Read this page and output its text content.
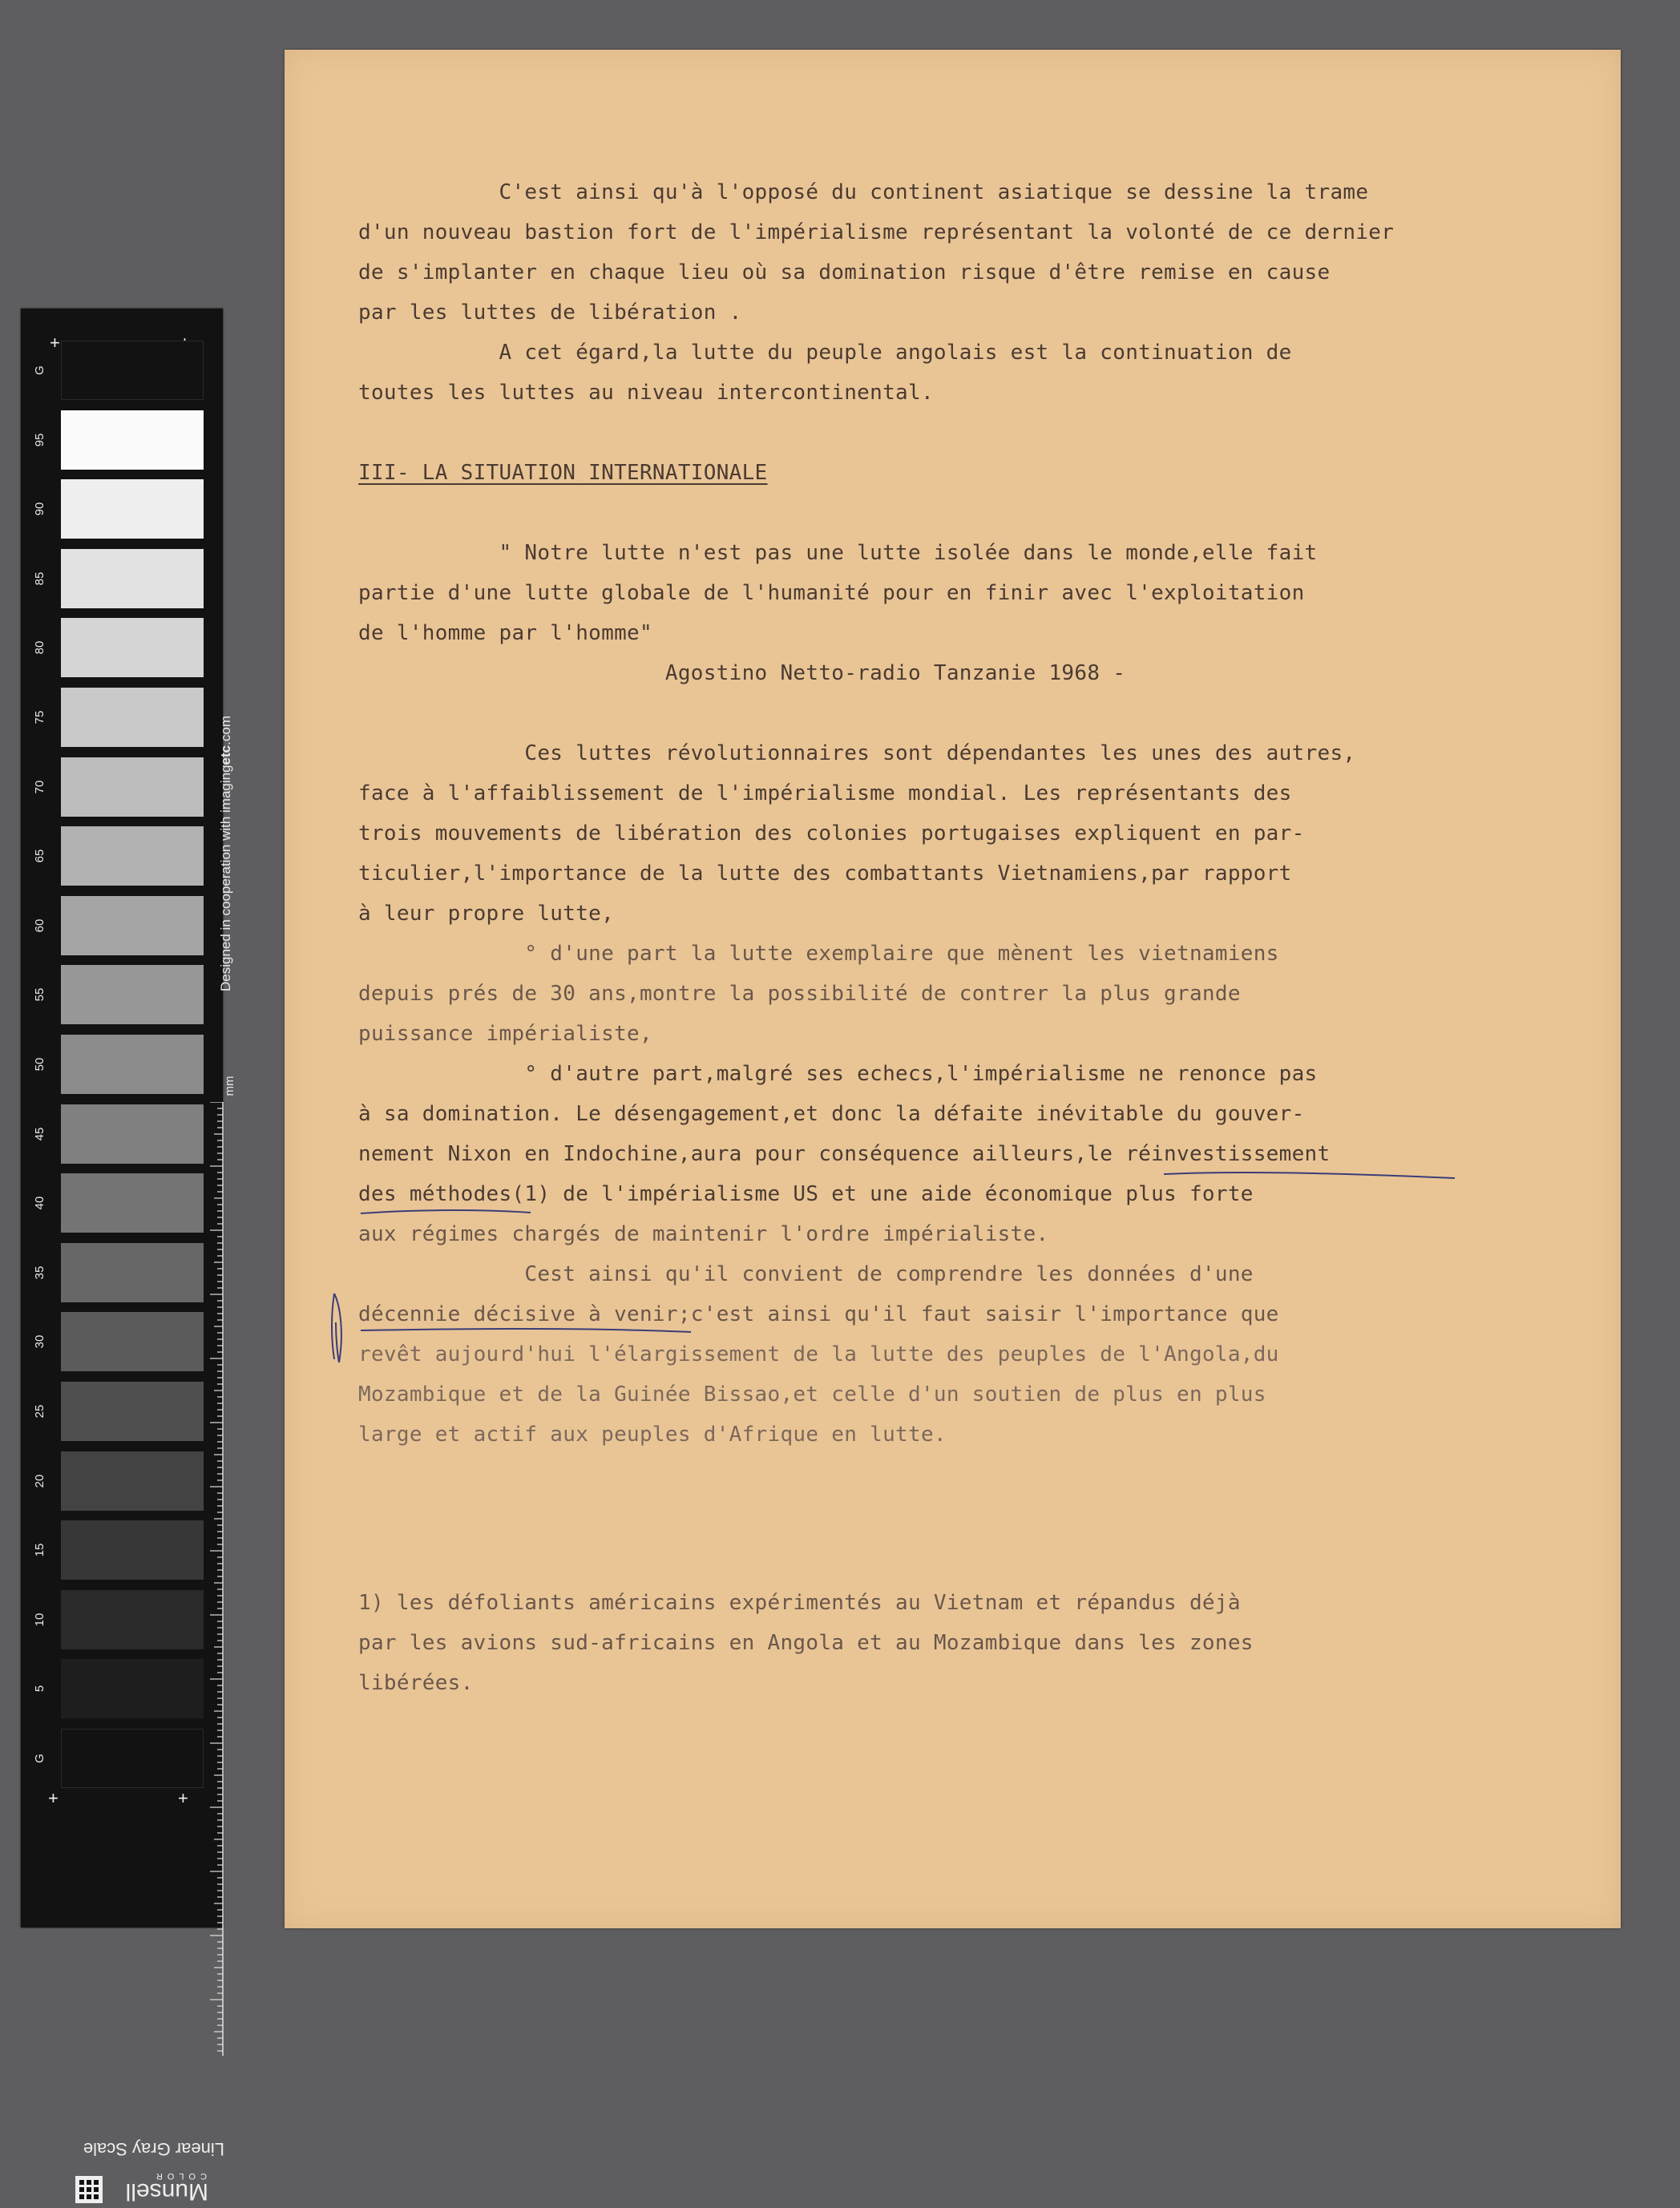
+
+	+
G
95
90
85
80
75
70
65
60
55
50
45
40
35
30
25
20
15
10
5
G
Designed in cooperation with imagingetc.com
mm
Linear Gray Scale
Munsell
COLOR

C'est ainsi qu'à l'opposé du continent asiatique se dessine la trame

d'un nouveau bastion fort de l'impérialisme représentant la volonté de ce dernier

de s'implanter en chaque lieu où sa domination risque d'être remise en cause

par les luttes de libération .

A cet égard,la lutte du peuple angolais est la continuation de

toutes les luttes au niveau intercontinental.

III- LA SITUATION INTERNATIONALE

" Notre lutte n'est pas une lutte isolée dans le monde,elle fait

partie d'une lutte globale de l'humanité pour en finir avec l'exploitation

de l'homme par l'homme"

Agostino Netto-radio Tanzanie 1968 -

Ces luttes révolutionnaires sont dépendantes les unes des autres,

face à l'affaiblissement de l'impérialisme mondial. Les représentants des

trois mouvements de libération des colonies portugaises expliquent en par-

ticulier,l'importance de la lutte des combattants Vietnamiens,par rapport

à leur propre lutte,

° d'une part la lutte exemplaire que mènent les vietnamiens

depuis prés de 30 ans,montre la possibilité de contrer la plus grande

puissance impérialiste,

° d'autre part,malgré ses echecs,l'impérialisme ne renonce pas

à sa domination. Le désengagement,et donc la défaite inévitable du gouver-

nement Nixon en Indochine,aura pour conséquence ailleurs,le réinvestissement

des méthodes(1) de l'impérialisme US et une aide économique plus forte

aux régimes chargés de maintenir l'ordre impérialiste.

Cest ainsi qu'il convient de comprendre les données d'une

décennie décisive à venir;c'est ainsi qu'il faut saisir l'importance que

revêt aujourd'hui l'élargissement de la lutte des peuples de l'Angola,du

Mozambique et de la Guinée Bissao,et celle d'un soutien de plus en plus

large et actif aux peuples d'Afrique en lutte.

1) les défoliants américains expérimentés au Vietnam et répandus déjà

par les avions sud-africains en Angola et au Mozambique dans les zones

libérées.
